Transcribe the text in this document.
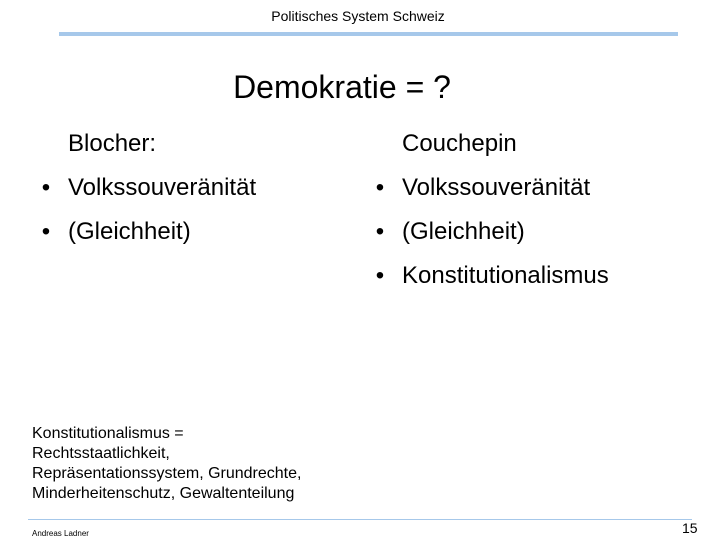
Politisches System Schweiz
Demokratie = ?
Blocher:
• Volkssouveränität
• (Gleichheit)
Couchepin
• Volkssouveränität
• (Gleichheit)
• Konstitutionalismus
Konstitutionalismus =
Rechtsstaatlichkeit,
Repräsentationssystem, Grundrechte,
Minderheitenschutz, Gewaltenteilung
Andreas Ladner	15
